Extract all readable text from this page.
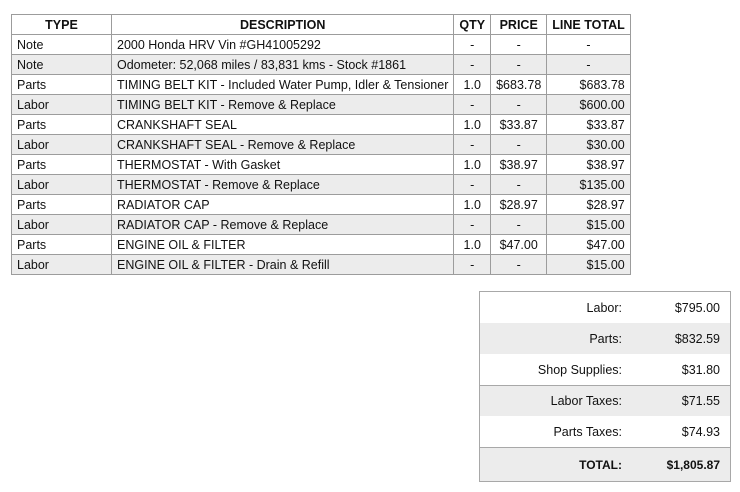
TYPE	DESCRIPTION	QTY	PRICE	LINE TOTAL
Note	2000 Honda HRV Vin #GH41005292	-	-	-
Note	Odometer: 52,068 miles / 83,831 kms - Stock #1861	-	-	-
Parts	TIMING BELT KIT - Included Water Pump, Idler & Tensioner	1.0	$683.78	$683.78
Labor	TIMING BELT KIT - Remove & Replace	-	-	$600.00
Parts	CRANKSHAFT SEAL	1.0	$33.87	$33.87
Labor	CRANKSHAFT SEAL - Remove & Replace	-	-	$30.00
Parts	THERMOSTAT - With Gasket	1.0	$38.97	$38.97
Labor	THERMOSTAT - Remove & Replace	-	-	$135.00
Parts	RADIATOR CAP	1.0	$28.97	$28.97
Labor	RADIATOR CAP - Remove & Replace	-	-	$15.00
Parts	ENGINE OIL & FILTER	1.0	$47.00	$47.00
Labor	ENGINE OIL & FILTER - Drain & Refill	-	-	$15.00
Labor:	$795.00
Parts:	$832.59
Shop Supplies:	$31.80
Labor Taxes:	$71.55
Parts Taxes:	$74.93
TOTAL:	$1,805.87
